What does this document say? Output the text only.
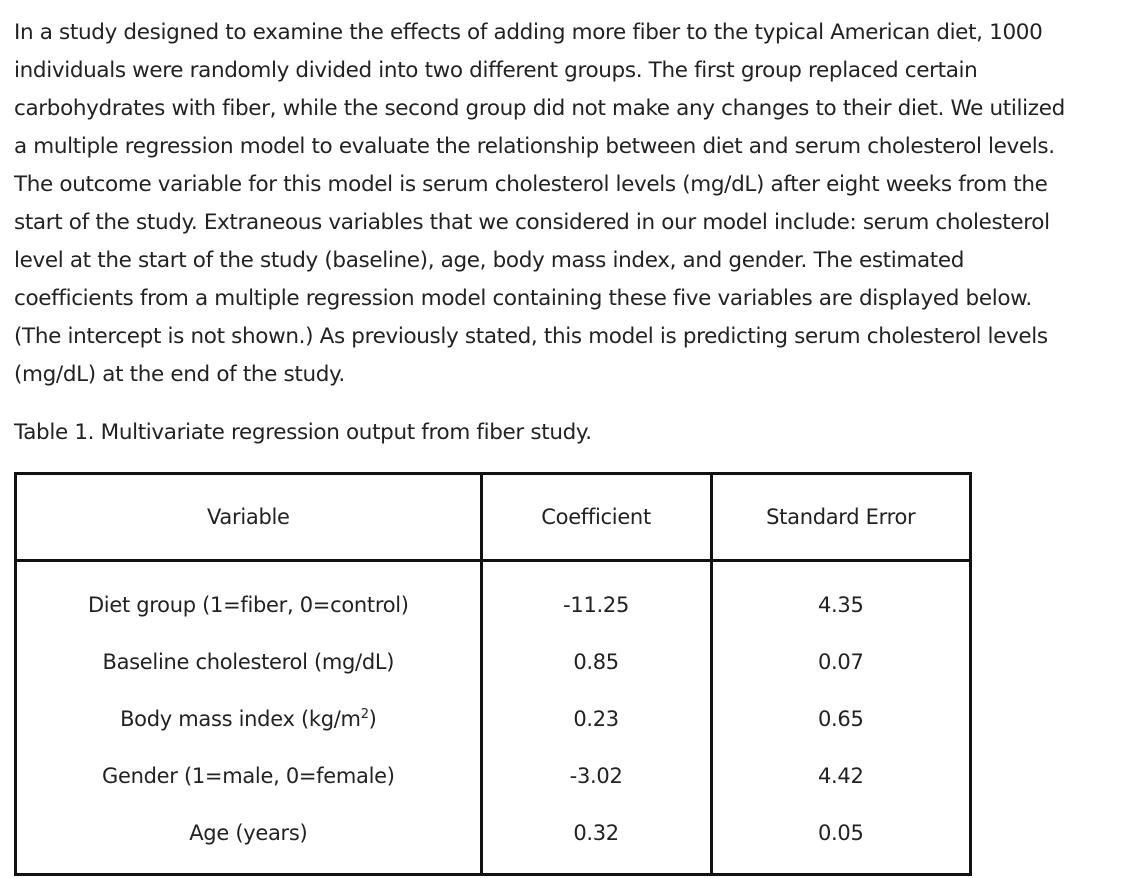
In a study designed to examine the effects of adding more fiber to the typical American diet, 1000
individuals were randomly divided into two different groups. The first group replaced certain
carbohydrates with fiber, while the second group did not make any changes to their diet. We utilized
a multiple regression model to evaluate the relationship between diet and serum cholesterol levels.
The outcome variable for this model is serum cholesterol levels (mg/dL) after eight weeks from the
start of the study. Extraneous variables that we considered in our model include: serum cholesterol
level at the start of the study (baseline), age, body mass index, and gender. The estimated
coefficients from a multiple regression model containing these five variables are displayed below.
(The intercept is not shown.) As previously stated, this model is predicting serum cholesterol levels
(mg/dL) at the end of the study.

Table 1. Multivariate regression output from fiber study.

Variable	Coefficient	Standard Error
Diet group (1=fiber, 0=control)	-11.25	4.35
Baseline cholesterol (mg/dL)	0.85	0.07
Body mass index $(kg/m^2)$	0.23	0.65
Gender (1=male, 0=female)	-3.02	4.42
Age (years)	0.32	0.05
